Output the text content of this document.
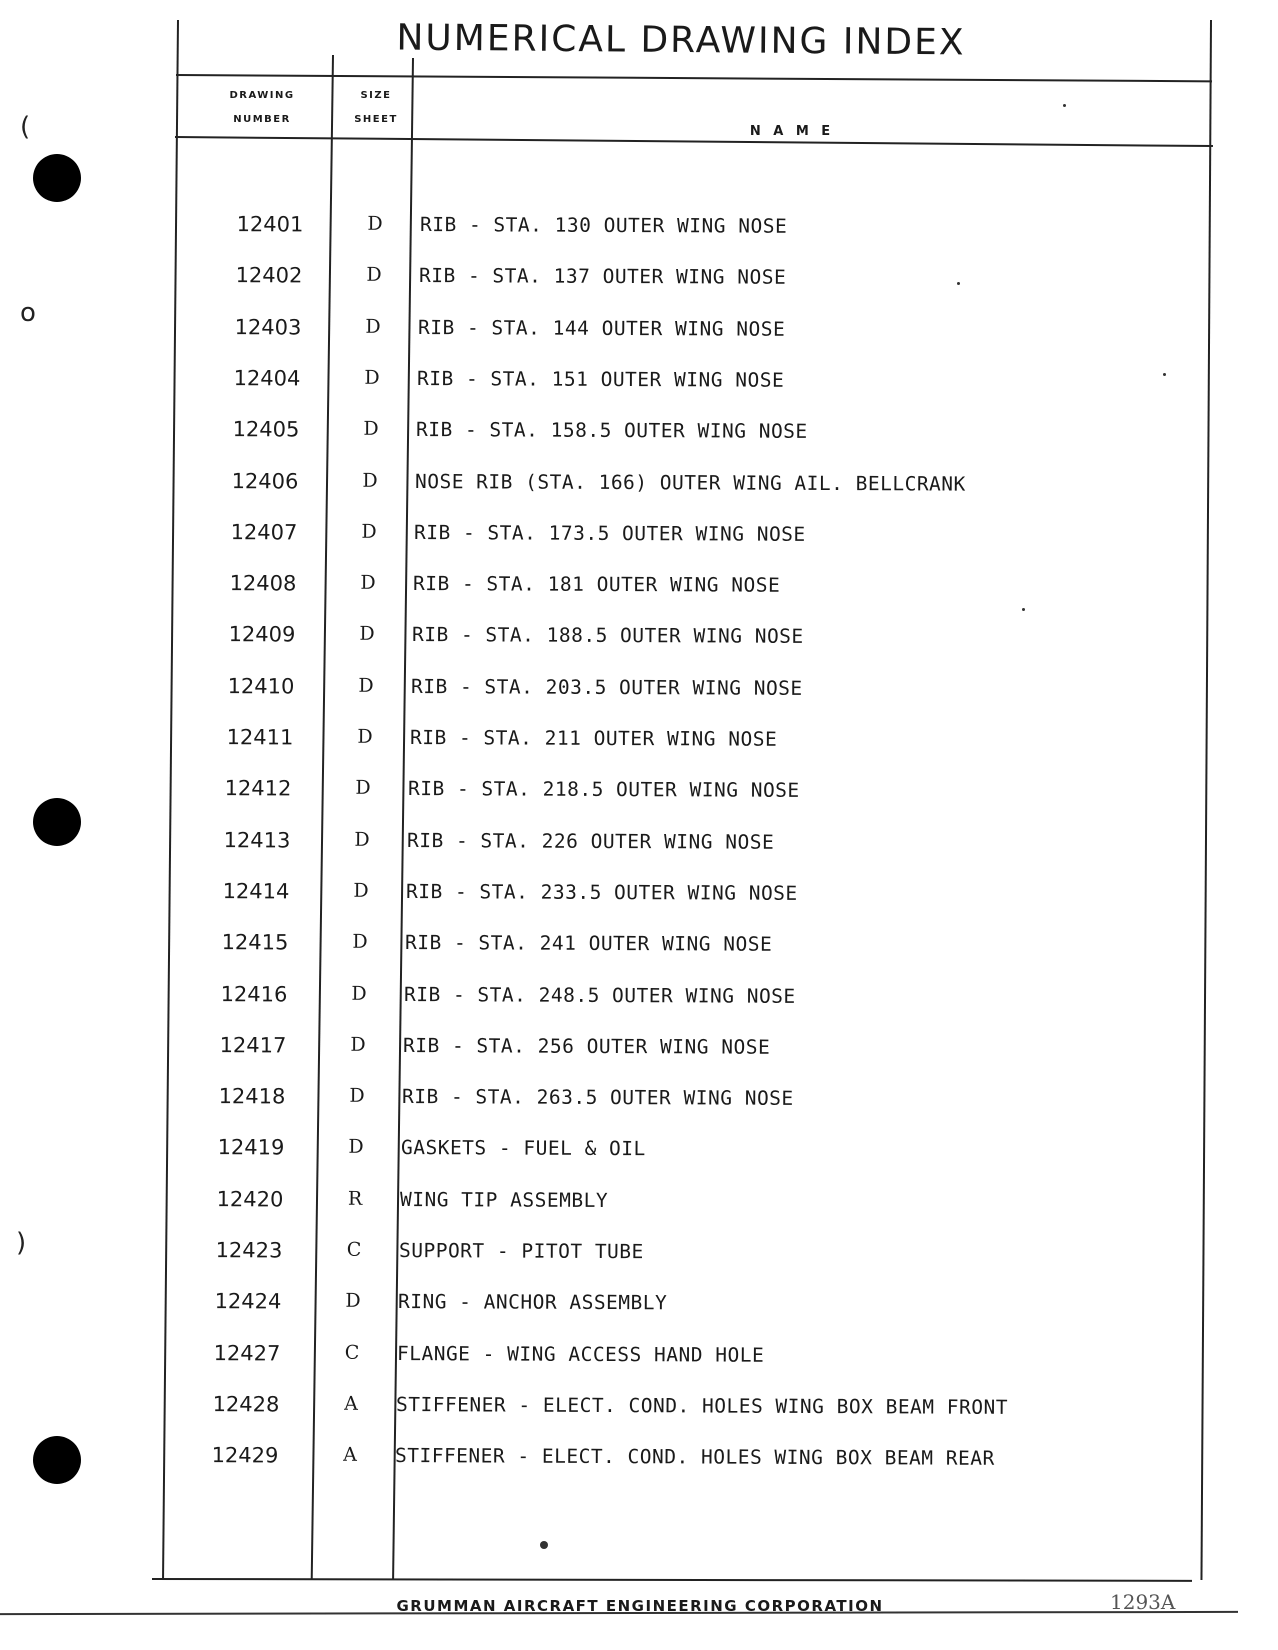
(
o
)
NUMERICAL DRAWING INDEX
DRAWING
NUMBER
SIZE
SHEET
N A M E
12401	D	RIB - STA. 130 OUTER WING NOSE
12402	D	RIB - STA. 137 OUTER WING NOSE
12403	D	RIB - STA. 144 OUTER WING NOSE
12404	D	RIB - STA. 151 OUTER WING NOSE
12405	D	RIB - STA. 158.5 OUTER WING NOSE
12406	D	NOSE RIB (STA. 166) OUTER WING AIL. BELLCRANK
12407	D	RIB - STA. 173.5 OUTER WING NOSE
12408	D	RIB - STA. 181 OUTER WING NOSE
12409	D	RIB - STA. 188.5 OUTER WING NOSE
12410	D	RIB - STA. 203.5 OUTER WING NOSE
12411	D	RIB - STA. 211 OUTER WING NOSE
12412	D	RIB - STA. 218.5 OUTER WING NOSE
12413	D	RIB - STA. 226 OUTER WING NOSE
12414	D	RIB - STA. 233.5 OUTER WING NOSE
12415	D	RIB - STA. 241 OUTER WING NOSE
12416	D	RIB - STA. 248.5 OUTER WING NOSE
12417	D	RIB - STA. 256 OUTER WING NOSE
12418	D	RIB - STA. 263.5 OUTER WING NOSE
12419	D	GASKETS - FUEL & OIL
12420	R	WING TIP ASSEMBLY
12423	C	SUPPORT - PITOT TUBE
12424	D	RING - ANCHOR ASSEMBLY
12427	C	FLANGE - WING ACCESS HAND HOLE
12428	A	STIFFENER - ELECT. COND. HOLES WING BOX BEAM FRONT
12429	A	STIFFENER - ELECT. COND. HOLES WING BOX BEAM REAR
GRUMMAN AIRCRAFT ENGINEERING CORPORATION	1293A
